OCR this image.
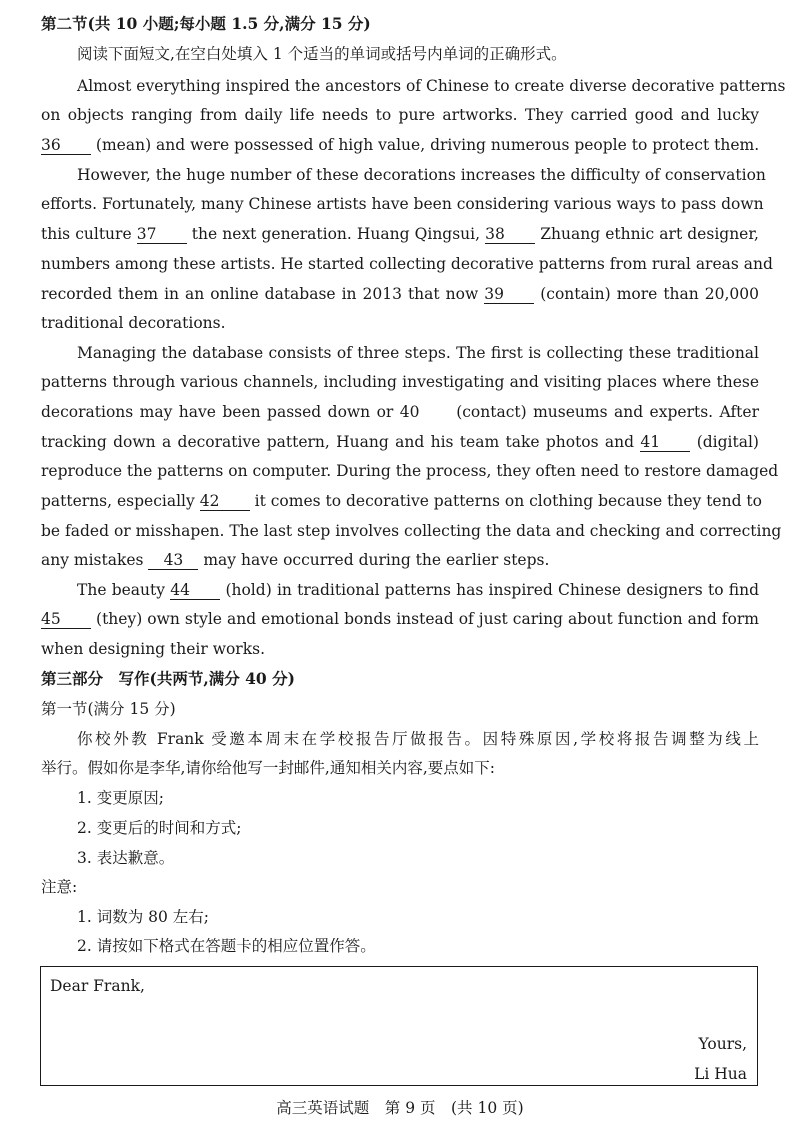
第二节(共 10 小题;每小题 1.5 分,满分 15 分)
阅读下面短文,在空白处填入 1 个适当的单词或括号内单词的正确形式。
Almost everything inspired the ancestors of Chinese to create diverse decorative patterns
on objects ranging from daily life needs to pure artworks. They carried good and lucky
36 (mean) and were possessed of high value, driving numerous people to protect them.
However, the huge number of these decorations increases the difficulty of conservation
efforts. Fortunately, many Chinese artists have been considering various ways to pass down
this culture 37 the next generation. Huang Qingsui, 38 Zhuang ethnic art designer,
numbers among these artists. He started collecting decorative patterns from rural areas and
recorded them in an online database in 2013 that now 39 (contain) more than 20,000
traditional decorations.
Managing the database consists of three steps. The first is collecting these traditional
patterns through various channels, including investigating and visiting places where these
decorations may have been passed down or 40 (contact) museums and experts. After
tracking down a decorative pattern, Huang and his team take photos and 41 (digital)
reproduce the patterns on computer. During the process, they often need to restore damaged
patterns, especially 42 it comes to decorative patterns on clothing because they tend to
be faded or misshapen. The last step involves collecting the data and checking and correcting
any mistakes 43 may have occurred during the earlier steps.
The beauty 44 (hold) in traditional patterns has inspired Chinese designers to find
45 (they) own style and emotional bonds instead of just caring about function and form
when designing their works.
第三部分　写作(共两节,满分 40 分)
第一节(满分 15 分)
你校外教 Frank 受邀本周末在学校报告厅做报告。因特殊原因,学校将报告调整为线上
举行。假如你是李华,请你给他写一封邮件,通知相关内容,要点如下:
1. 变更原因;
2. 变更后的时间和方式;
3. 表达歉意。
注意:
1. 词数为 80 左右;
2. 请按如下格式在答题卡的相应位置作答。
Dear Frank,
Yours,
Li Hua
高三英语试题　第 9 页　(共 10 页)
